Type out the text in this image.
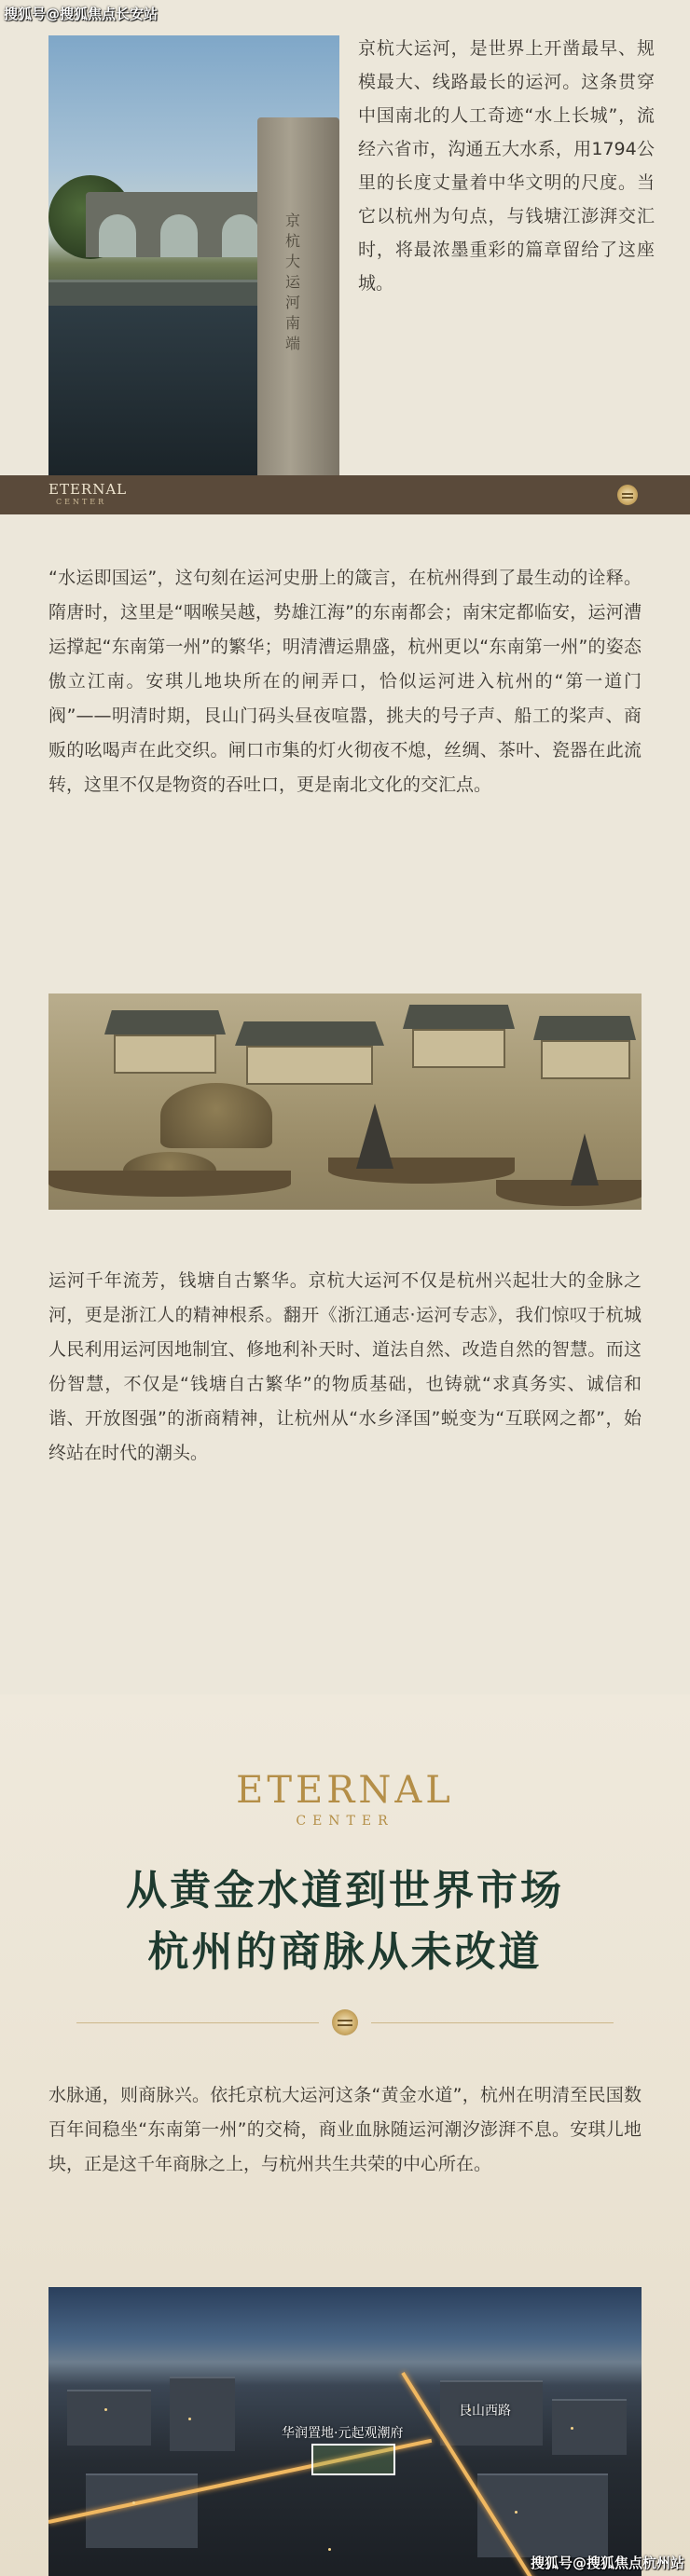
搜狐号@搜狐焦点长安站
京杭大运河南端

京杭大运河，是世界上开凿最早、规模最大、线路最长的运河。这条贯穿中国南北的人工奇迹“水上长城”，流经六省市，沟通五大水系，用1794公里的长度丈量着中华文明的尺度。当它以杭州为句点，与钱塘江澎湃交汇时，将最浓墨重彩的篇章留给了这座城。

ETERNAL
CENTER

“水运即国运”，这句刻在运河史册上的箴言，在杭州得到了最生动的诠释。隋唐时，这里是“咽喉吴越，势雄江海”的东南都会；南宋定都临安，运河漕运撑起“东南第一州”的繁华；明清漕运鼎盛，杭州更以“东南第一州”的姿态傲立江南。安琪儿地块所在的闸弄口，恰似运河进入杭州的“第一道门阀”——明清时期，艮山门码头昼夜喧嚣，挑夫的号子声、船工的桨声、商贩的吆喝声在此交织。闸口市集的灯火彻夜不熄，丝绸、茶叶、瓷器在此流转，这里不仅是物资的吞吐口，更是南北文化的交汇点。

运河千年流芳，钱塘自古繁华。京杭大运河不仅是杭州兴起壮大的金脉之河，更是浙江人的精神根系。翻开《浙江通志·运河专志》，我们惊叹于杭城人民利用运河因地制宜、修地利补天时、道法自然、改造自然的智慧。而这份智慧，不仅是“钱塘自古繁华”的物质基础，也铸就“求真务实、诚信和谐、开放图强”的浙商精神，让杭州从“水乡泽国”蜕变为“互联网之都”，始终站在时代的潮头。

ETERNAL
CENTER
从黄金水道到世界市场
杭州的商脉从未改道

水脉通，则商脉兴。依托京杭大运河这条“黄金水道”，杭州在明清至民国数百年间稳坐“东南第一州”的交椅，商业血脉随运河潮汐澎湃不息。安琪儿地块，正是这千年商脉之上，与杭州共生共荣的中心所在。

华润置地·元起观潮府
艮山西路
搜狐号@搜狐焦点杭州站
